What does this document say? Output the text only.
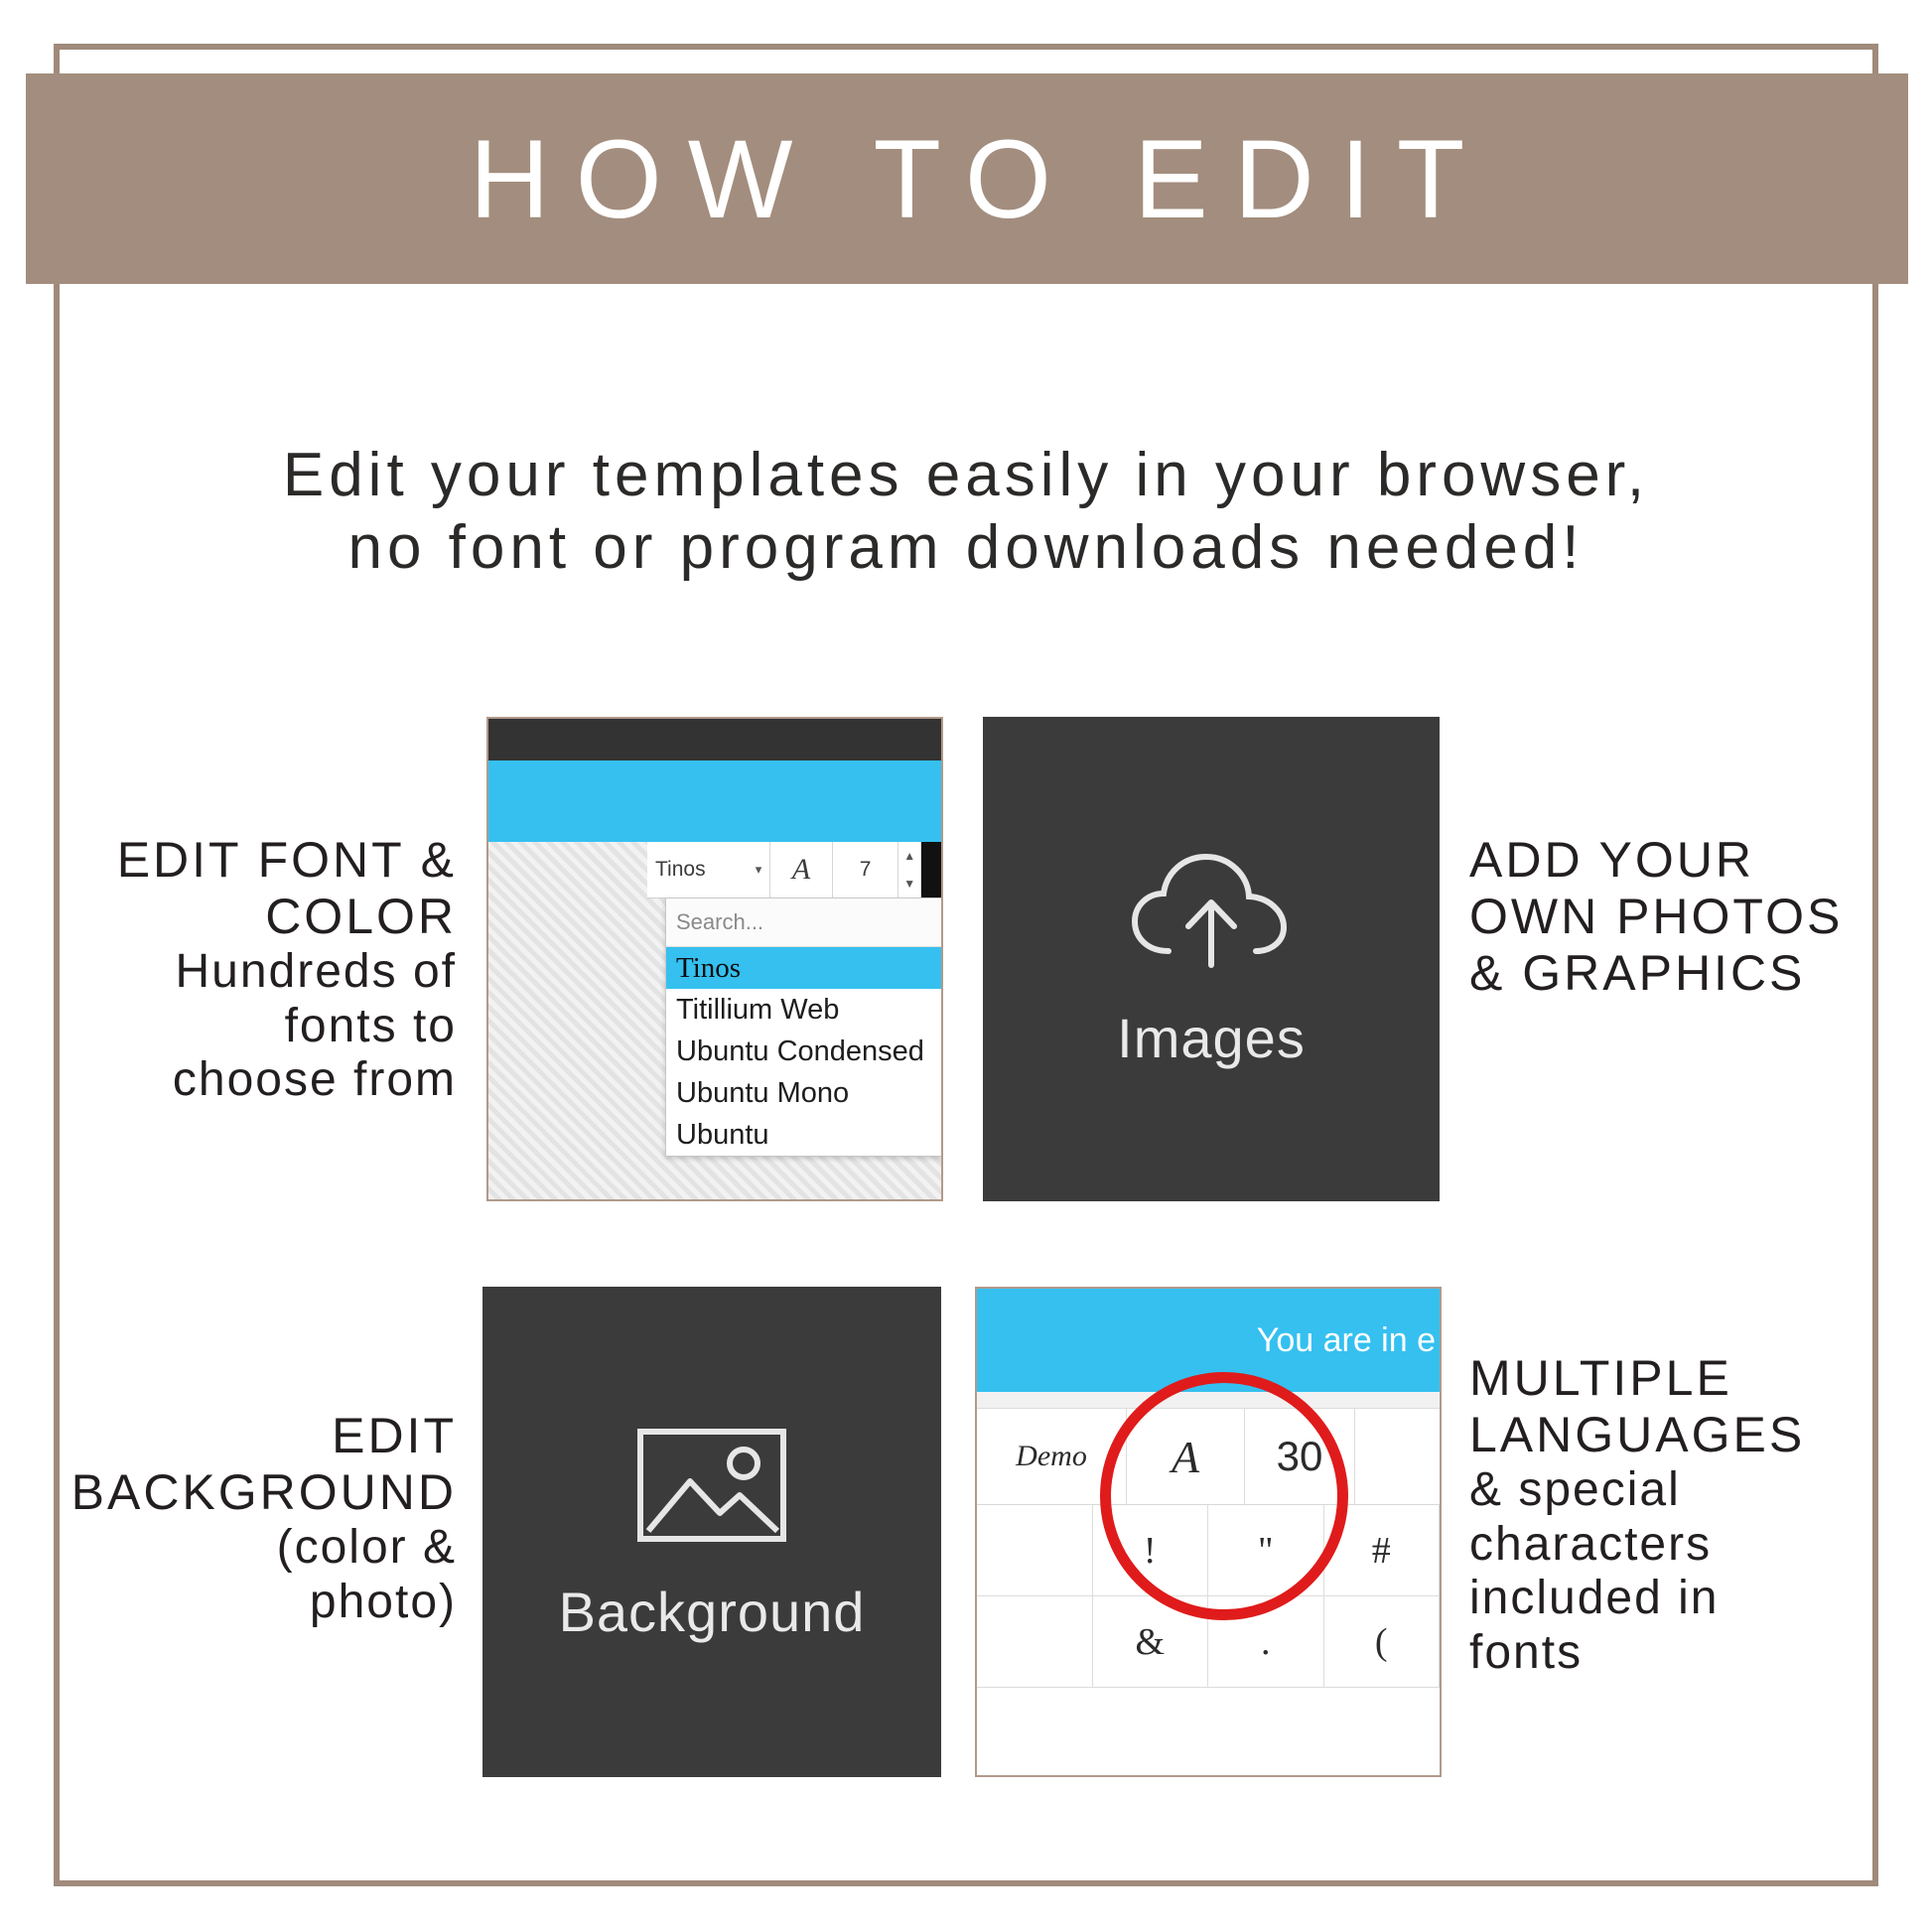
HOW TO EDIT
Edit your templates easily in your browser,
no font or program downloads needed!
EDIT FONT &
COLOR
Hundreds of
fonts to
choose from
ADD YOUR
OWN PHOTOS
& GRAPHICS
EDIT
BACKGROUND
(color &
photo)
MULTIPLE
LANGUAGES
& special
characters
included in
fonts
Tinos	▾	A	7
▲
▼
Search...
Tinos
Titillium Web
Ubuntu Condensed
Ubuntu Mono
Ubuntu
Images
Background
You are in e
Demo	A	30
!	"	#
&	.	(
